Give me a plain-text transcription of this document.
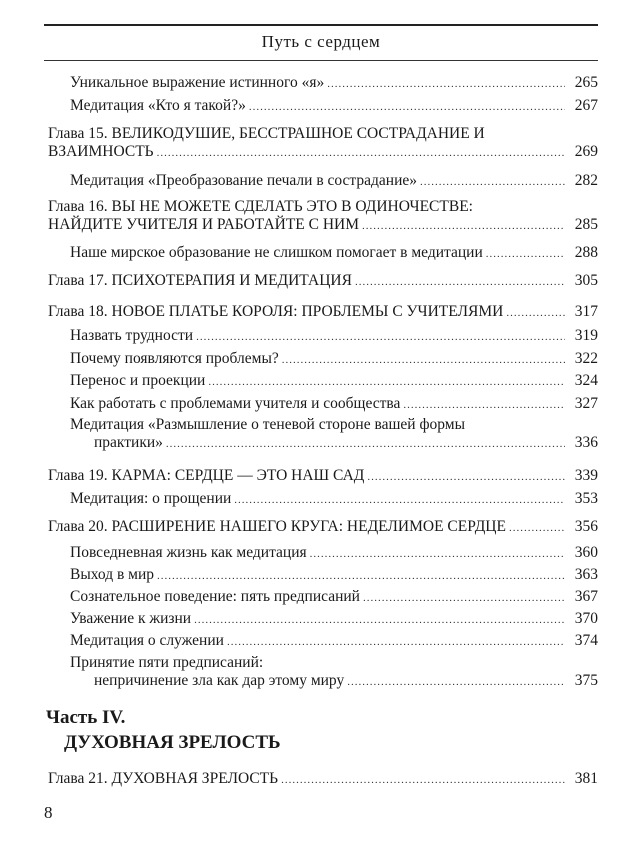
Путь с сердцем
Уникальное выражение истинного «я» .....	265
Медитация «Кто я такой?» .....	267
Глава 15. ВЕЛИКОДУШИЕ, БЕССТРАШНОЕ СОСТРАДАНИЕ И
ВЗАИМНОСТЬ .....	269
Медитация «Преобразование печали в сострадание» .....	282
Глава 16. ВЫ НЕ МОЖЕТЕ СДЕЛАТЬ ЭТО В ОДИНОЧЕСТВЕ:
НАЙДИТЕ УЧИТЕЛЯ И РАБОТАЙТЕ С НИМ .....	285
Наше мирское образование не слишком помогает в медитации .....	288
Глава 17. ПСИХОТЕРАПИЯ И МЕДИТАЦИЯ .....	305
Глава 18. НОВОЕ ПЛАТЬЕ КОРОЛЯ: ПРОБЛЕМЫ С УЧИТЕЛЯМИ .....	317
Назвать трудности .....	319
Почему появляются проблемы? .....	322
Перенос и проекции .....	324
Как работать с проблемами учителя и сообщества .....	327
Медитация «Размышление о теневой стороне вашей формы
практики» .....	336
Глава 19. КАРМА: СЕРДЦЕ — ЭТО НАШ САД .....	339
Медитация: о прощении .....	353
Глава 20. РАСШИРЕНИЕ НАШЕГО КРУГА: НЕДЕЛИМОЕ СЕРДЦЕ .....	356
Повседневная жизнь как медитация .....	360
Выход в мир .....	363
Сознательное поведение: пять предписаний .....	367
Уважение к жизни .....	370
Медитация о служении .....	374
Принятие пяти предписаний:
непричинение зла как дар этому миру .....	375
Часть IV.
ДУХОВНАЯ ЗРЕЛОСТЬ
Глава 21. ДУХОВНАЯ ЗРЕЛОСТЬ .....	381
8
